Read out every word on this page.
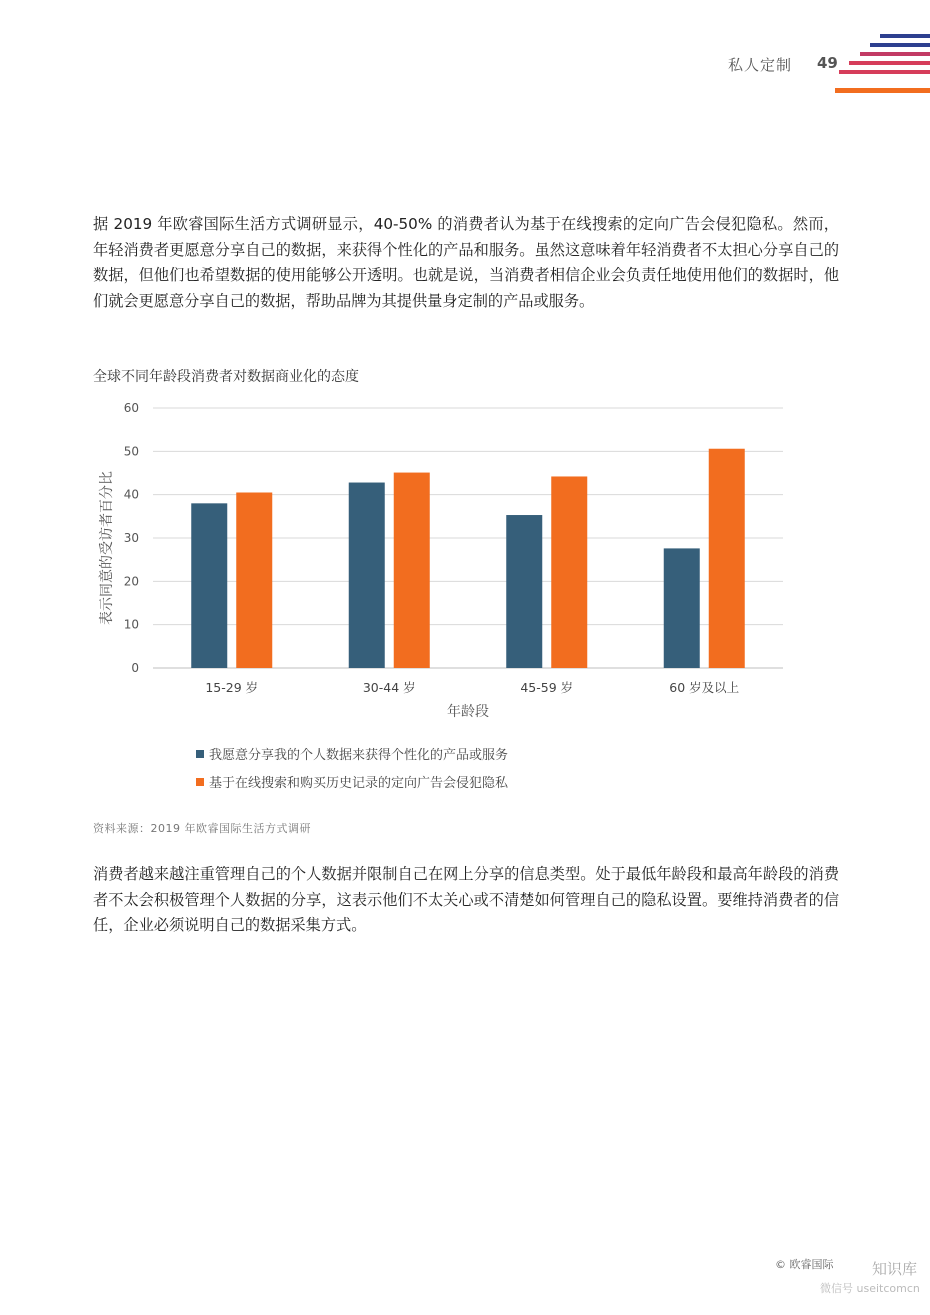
私人定制 49
据 2019 年欧睿国际生活方式调研显示，40-50% 的消费者认为基于在线搜索的定向广告会侵犯隐私。然而，年轻消费者更愿意分享自己的数据，来获得个性化的产品和服务。虽然这意味着年轻消费者不太担心分享自己的数据，但他们也希望数据的使用能够公开透明。也就是说，当消费者相信企业会负责任地使用他们的数据时，他们就会更愿意分享自己的数据，帮助品牌为其提供量身定制的产品或服务。
全球不同年龄段消费者对数据商业化的态度
0
10
20
30
40
50
60
15-29 岁	30-44 岁	45-59 岁	60 岁及以上
年龄段
表示同意的受访者百分比
我愿意分享我的个人数据来获得个性化的产品或服务
基于在线搜索和购买历史记录的定向广告会侵犯隐私
资料来源：2019 年欧睿国际生活方式调研
消费者越来越注重管理自己的个人数据并限制自己在网上分享的信息类型。处于最低年龄段和最高年龄段的消费者不太会积极管理个人数据的分享，这表示他们不太关心或不清楚如何管理自己的隐私设置。要维持消费者的信任，企业必须说明自己的数据采集方式。
© 欧睿国际	知识库
微信号 useitcomcn
